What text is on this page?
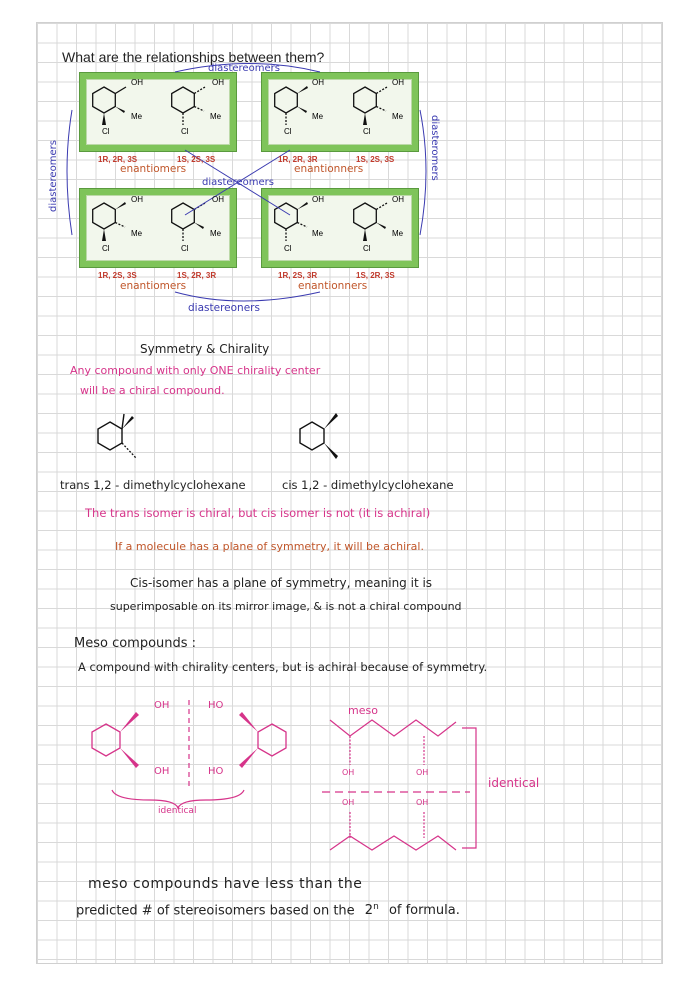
What are the relationships between them?
OH	OH	OH	OH
Me	Me	Me	Me
Cl	Cl	Cl	Cl
OH	OH	OH	OH
Me	Me	Me	Me
Cl	Cl	Cl	Cl
1R, 2R, 3S	1S, 2S, 3S	1R, 2R, 3R	1S, 2S, 3S
1R, 2S, 3S	1S, 2R, 3R	1R, 2S, 3R	1S, 2R, 3S
diastereomers
diastereomers	diasteromers
diastereomers
diastereoners
enantiomers	enantionners
enantiomers	enantionners
Symmetry & Chirality
Any compound with only ONE chirality center
will be a chiral compound.
trans 1,2 - dimethylcyclohexane	cis 1,2 - dimethylcyclohexane
The trans isomer is chiral, but cis isomer is not (it is achiral)
If a molecule has a plane of symmetry, it will be achiral.
Cis-isomer has a plane of symmetry, meaning it is
superimposable on its mirror image, & is not a chiral compound
Meso compounds :
A compound with chirality centers, but is achiral because of symmetry.
OH	HO
OH	HO
identical
meso
OH	OH
OH	OH
identical
meso compounds have less than the
predicted # of stereoisomers based on the 2$^n$ of formula.
